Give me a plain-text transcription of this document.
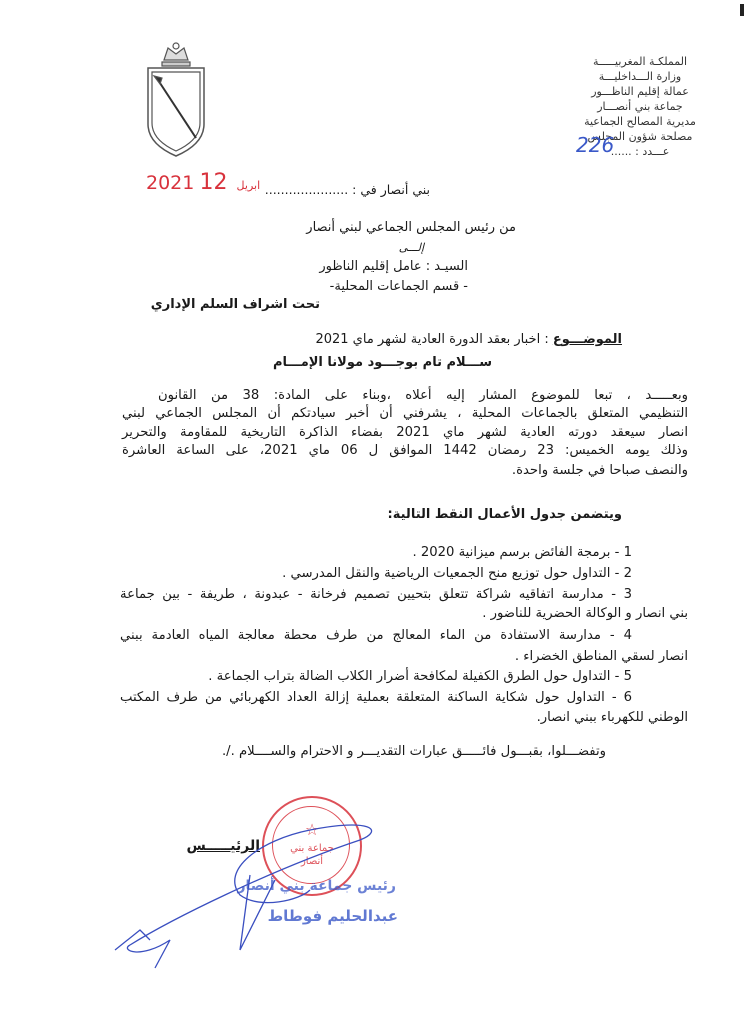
المملكـة المغربيـــــة
وزارة الـــداخليـــة
عمالة إقليم الناظـــور
جماعة بني أنصـــار
مديرية المصالح الجماعية
مصلحة شؤون المجلس
عـــدد : ......
226
بني أنصار في : .....................
2021	ابريل 12
من رئيس المجلس الجماعي لبني أنصار
إلـــى
السيـد : عامل إقليم الناظور
- قسم الجماعات المحلية-
تحت اشراف السلم الإداري
الموضـــوع : اخبار بعقد الدورة العادية لشهر ماي 2021
ســـلام تام بوجـــود مولانا الإمـــام
وبعـــــد ، تبعا للموضوع المشار إليه أعلاه ،وبناء على المادة: 38 من القانون
التنظيمي المتعلق بالجماعات المحلية ، يشرفني أن أخبر سيادتكم أن المجلس الجماعي لبني
انصار سيعقد دورته العادية لشهر ماي 2021 بفضاء الذاكرة التاريخية للمقاومة والتحرير
وذلك يومه الخميس: 23 رمضان 1442 الموافق ل 06 ماي 2021، على الساعة العاشرة
والنصف صباحا في جلسة واحدة.
ويتضمن جدول الأعمال النقط التالية:
1 - برمجة الفائض برسم ميزانية 2020 .
2 - التداول حول توزيع منح الجمعيات الرياضية والنقل المدرسي .
3 - مدارسة اتفاقيه شراكة تتعلق بتحيين تصميم فرخانة - عبدونة ، طريفة - بين جماعة
بني انصار و الوكالة الحضرية للناضور .
4 - مدارسة الاستفادة من الماء المعالج من طرف محطة معالجة المياه العادمة ببني
انصار لسقي المناطق الخضراء .
5 - التداول حول الطرق الكفيلة لمكافحة أضرار الكلاب الضالة بتراب الجماعة .
6 - التداول حول شكاية الساكنة المتعلقة بعملية إزالة العداد الكهربائي من طرف المكتب
الوطني للكهرباء ببني انصار.
وتفضـــلوا، بقبـــول فائـــــق عبارات التقديـــر و الاحترام والســــلام ./.
الرئيـــــس
☆
جماعة بني أنصار
رئيس جماعة بني أنصار
عبدالحليم فوطاط
